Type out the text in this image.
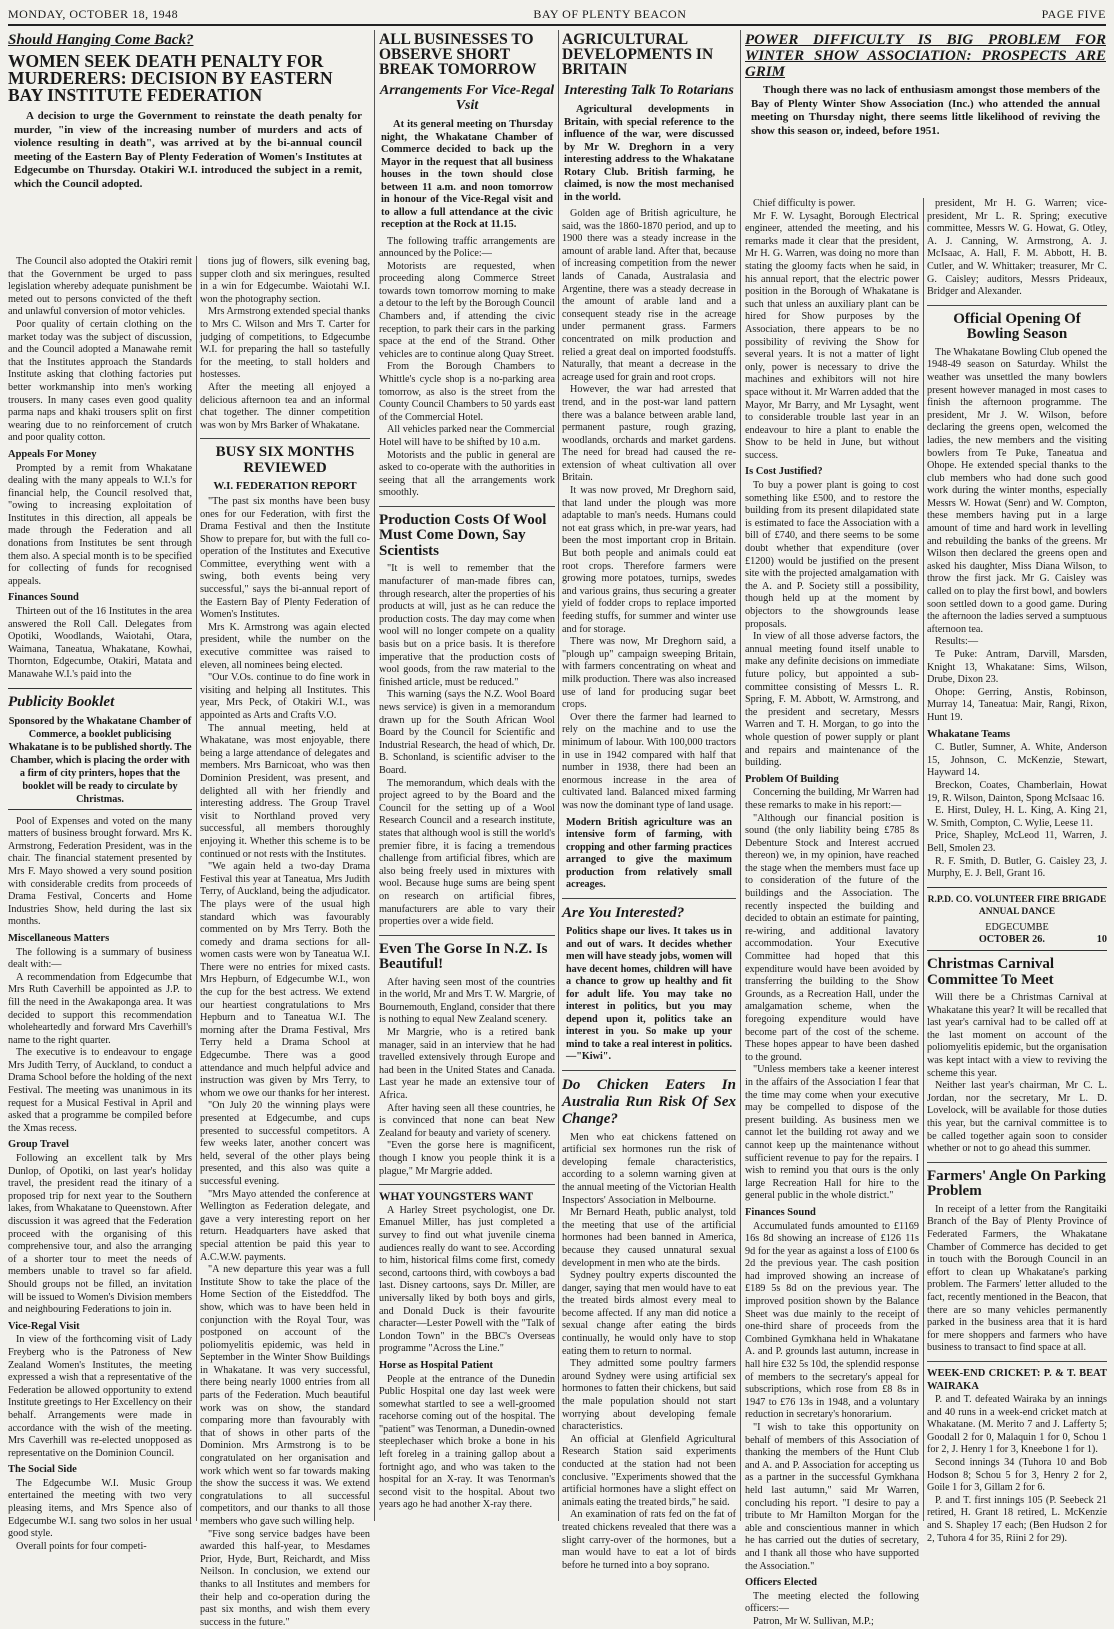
MONDAY, OCTOBER 18, 1948	BAY OF PLENTY BEACON	PAGE FIVE
Should Hanging Come Back?
WOMEN SEEK DEATH PENALTY FOR MURDERERS: DECISION BY EASTERN BAY INSTITUTE FEDERATION
A decision to urge the Government to reinstate the death penalty for murder, "in view of the increasing number of murders and acts of violence resulting in death", was arrived at by the bi-annual council meeting of the Eastern Bay of Plenty Federation of Women's Institutes at Edgecumbe on Thursday. Otakiri W.I. introduced the subject in a remit, which the Council adopted.

The Council also adopted the Otakiri remit that the Government be urged to pass legislation whereby adequate punishment be meted out to persons convicted of the theft and unlawful conversion of motor vehicles.

Poor quality of certain clothing on the market today was the subject of discussion, and the Council adopted a Manawahe remit that the Institutes approach the Standards Institute asking that clothing factories put better workmanship into men's working trousers. In many cases even good quality parma naps and khaki trousers split on first wearing due to no reinforcement of crutch and poor quality cotton.

Appeals For Money

Prompted by a remit from Whakatane dealing with the many appeals to W.I.'s for financial help, the Council resolved that, "owing to increasing exploitation of Institutes in this direction, all appeals be made through the Federation and all donations from Institutes be sent through them also. A special month is to be specified for collecting of funds for recognised appeals.

Finances Sound

Thirteen out of the 16 Institutes in the area answered the Roll Call. Delegates from Opotiki, Woodlands, Waiotahi, Otara, Waimana, Taneatua, Whakatane, Kowhai, Thornton, Edgecumbe, Otakiri, Matata and Manawahe W.I.'s paid into the

Publicity Booklet
Sponsored by the Whakatane Chamber of Commerce, a booklet publicising Whakatane is to be published shortly. The Chamber, which is placing the order with a firm of city printers, hopes that the booklet will be ready to circulate by Christmas.

Pool of Expenses and voted on the many matters of business brought forward. Mrs K. Armstrong, Federation President, was in the chair. The financial statement presented by Mrs F. Mayo showed a very sound position with considerable credits from proceeds of Drama Festival, Concerts and Home Industries Show, held during the last six months.

Miscellaneous Matters

The following is a summary of business dealt with:—

A recommendation from Edgecumbe that Mrs Ruth Caverhill be appointed as J.P. to fill the need in the Awakaponga area. It was decided to support this recommendation wholeheartedly and forward Mrs Caverhill's name to the right quarter.

The executive is to endeavour to engage Mrs Judith Terry, of Auckland, to conduct a Drama School before the holding of the next Festival. The meeting was unanimous in its request for a Musical Festival in April and asked that a programme be compiled before the Xmas recess.

Group Travel

Following an excellent talk by Mrs Dunlop, of Opotiki, on last year's holiday travel, the president read the itinary of a proposed trip for next year to the Southern lakes, from Whakatane to Queenstown. After discussion it was agreed that the Federation proceed with the organising of this comprehensive tour, and also the arranging of a shorter tour to meet the needs of members unable to travel so far afield. Should groups not be filled, an invitation will be issued to Women's Division members and neighbouring Federations to join in.

Vice-Regal Visit

In view of the forthcoming visit of Lady Freyberg who is the Patroness of New Zealand Women's Institutes, the meeting expressed a wish that a representative of the Federation be allowed opportunity to extend Institute greetings to Her Excellency on their behalf. Arrangements were made in accordance with the wish of the meeting. Mrs Caverhill was re-elected unopposed as representative on the Dominion Council.

The Social Side

The Edgecumbe W.I. Music Group entertained the meeting with two very pleasing items, and Mrs Spence also of Edgecumbe W.I. sang two solos in her usual good style.

Overall points for four competi-

tions jug of flowers, silk evening bag, supper cloth and six meringues, resulted in a win for Edgecumbe. Waiotahi W.I. won the photography section.

Mrs Armstrong extended special thanks to Mrs C. Wilson and Mrs T. Carter for judging of competitions, to Edgecumbe W.I. for preparing the hall so tastefully for the meeting, to stall holders and hostesses.

After the meeting all enjoyed a delicious afternoon tea and an informal chat together. The dinner competition was won by Mrs Barker of Whakatane.

BUSY SIX MONTHS REVIEWED
W.I. FEDERATION REPORT

"The past six months have been busy ones for our Federation, with first the Drama Festival and then the Institute Show to prepare for, but with the full co-operation of the Institutes and Executive Committee, everything went with a swing, both events being very successful," says the bi-annual report of the Eastern Bay of Plenty Federation of Women's Institutes.

Mrs K. Armstrong was again elected president, while the number on the executive committee was raised to eleven, all nominees being elected.

"Our V.Os. continue to do fine work in visiting and helping all Institutes. This year, Mrs Peck, of Otakiri W.I., was appointed as Arts and Crafts V.O.

The annual meeting, held at Whakatane, was most enjoyable, there being a large attendance of delegates and members. Mrs Barnicoat, who was then Dominion President, was present, and delighted all with her friendly and interesting address. The Group Travel visit to Northland proved very successful, all members thoroughly enjoying it. Whether this scheme is to be continued or not rests with the Institutes.

"We again held a two-day Drama Festival this year at Taneatua, Mrs Judith Terry, of Auckland, being the adjudicator. The plays were of the usual high standard which was favourably commented on by Mrs Terry. Both the comedy and drama sections for all-women casts were won by Taneatua W.I. There were no entries for mixed casts. Mrs Hepburn, of Edgecumbe W.I., won the cup for the best actress. We extend our heartiest congratulations to Mrs Hepburn and to Taneatua W.I. The morning after the Drama Festival, Mrs Terry held a Drama School at Edgecumbe. There was a good attendance and much helpful advice and instruction was given by Mrs Terry, to whom we owe our thanks for her interest.

"On July 20 the winning plays were presented at Edgecumbe, and cups presented to successful competitors. A few weeks later, another concert was held, several of the other plays being presented, and this also was quite a successful evening.

"Mrs Mayo attended the conference at Wellington as Federation delegate, and gave a very interesting report on her return. Headquarters have asked that special attention be paid this year to A.C.W.W. payments.

"A new departure this year was a full Institute Show to take the place of the Home Section of the Eisteddfod. The show, which was to have been held in conjunction with the Royal Tour, was postponed on account of the poliomyelitis epidemic, was held in September in the Winter Show Buildings in Whakatane. It was very successful, there being nearly 1000 entries from all parts of the Federation. Much beautiful work was on show, the standard comparing more than favourably with that of shows in other parts of the Dominion. Mrs Armstrong is to be congratulated on her organisation and work which went so far towards making the show the success it was. We extend congratulations to all successful competitors, and our thanks to all those members who gave such willing help.

"Five song service badges have been awarded this half-year, to Mesdames Prior, Hyde, Burt, Reichardt, and Miss Neilson. In conclusion, we extend our thanks to all Institutes and members for their help and co-operation during the past six months, and wish them every success in the future."

ALL BUSINESSES TO OBSERVE SHORT BREAK TOMORROW
Arrangements For Vice-Regal Vsit
At its general meeting on Thursday night, the Whakatane Chamber of Commerce decided to back up the Mayor in the request that all business houses in the town should close between 11 a.m. and noon tomorrow in honour of the Vice-Regal visit and to allow a full attendance at the civic reception at the Rock at 11.15.

The following traffic arrangements are announced by the Police:—

Motorists are requested, when proceeding along Commerce Street towards town tomorrow morning to make a detour to the left by the Borough Council Chambers and, if attending the civic reception, to park their cars in the parking space at the end of the Strand. Other vehicles are to continue along Quay Street.

From the Borough Chambers to Whittle's cycle shop is a no-parking area tomorrow, as also is the street from the County Council Chambers to 50 yards east of the Commercial Hotel.

All vehicles parked near the Commercial Hotel will have to be shifted by 10 a.m.

Motorists and the public in general are asked to co-operate with the authorities in seeing that all the arrangements work smoothly.

Production Costs Of Wool Must Come Down, Say Scientists

"It is well to remember that the manufacturer of man-made fibres can, through research, alter the properties of his products at will, just as he can reduce the production costs. The day may come when wool will no longer compete on a quality basis but on a price basis. It is therefore imperative that the production costs of wool goods, from the raw material to the finished article, must be reduced."

This warning (says the N.Z. Wool Board news service) is given in a memorandum drawn up for the South African Wool Board by the Council for Scientific and Industrial Research, the head of which, Dr. B. Schonland, is scientific adviser to the Board.

The memorandum, which deals with the project agreed to by the Board and the Council for the setting up of a Wool Research Council and a research institute, states that although wool is still the world's premier fibre, it is facing a tremendous challenge from artificial fibres, which are also being freely used in mixtures with wool. Because huge sums are being spent on research on artificial fibres, manufacturers are able to vary their properties over a wide field.

Even The Gorse In N.Z. Is Beautiful!

After having seen most of the countries in the world, Mr and Mrs T. W. Margrie, of Bournemouth, England, consider that there is nothing to equal New Zealand scenery.

Mr Margrie, who is a retired bank manager, said in an interview that he had travelled extensively through Europe and had been in the United States and Canada. Last year he made an extensive tour of Africa.

After having seen all these countries, he is convinced that none can beat New Zealand for beauty and variety of scenery.

"Even the gorse here is magnificent, though I know you people think it is a plague," Mr Margrie added.

WHAT YOUNGSTERS WANT

A Harley Street psychologist, one Dr. Emanuel Miller, has just completed a survey to find out what juvenile cinema audiences really do want to see. According to him, historical films come first, comedy second, cartoons third, with cowboys a bad last. Disney cartoons, says Dr. Miller, are universally liked by both boys and girls, and Donald Duck is their favourite character—Lester Powell with the "Talk of London Town" in the BBC's Overseas programme "Across the Line."

Horse as Hospital Patient

People at the entrance of the Dunedin Public Hospital one day last week were somewhat startled to see a well-groomed racehorse coming out of the hospital. The "patient" was Tenorman, a Dunedin-owned steeplechaser which broke a bone in his left foreleg in a training gallop about a fortnight ago, and who was taken to the hospital for an X-ray. It was Tenorman's second visit to the hospital. About two years ago he had another X-ray there.

AGRICULTURAL DEVELOPMENTS IN BRITAIN
Interesting Talk To Rotarians
Agricultural developments in Britain, with special reference to the influence of the war, were discussed by Mr W. Dreghorn in a very interesting address to the Whakatane Rotary Club. British farming, he claimed, is now the most mechanised in the world.

Golden age of British agriculture, he said, was the 1860-1870 period, and up to 1900 there was a steady increase in the amount of arable land. After that, because of increasing competition from the newer lands of Canada, Australasia and Argentine, there was a steady decrease in the amount of arable land and a consequent steady rise in the acreage under permanent grass. Farmers concentrated on milk production and relied a great deal on imported foodstuffs. Naturally, that meant a decrease in the acreage used for grain and root crops.

However, the war had arrested that trend, and in the post-war land pattern there was a balance between arable land, permanent pasture, rough grazing, woodlands, orchards and market gardens. The need for bread had caused the re-extension of wheat cultivation all over Britain.

It was now proved, Mr Dreghorn said, that land under the plough was more adaptable to man's needs. Humans could not eat grass which, in pre-war years, had been the most important crop in Britain. But both people and animals could eat root crops. Therefore farmers were growing more potatoes, turnips, swedes and various grains, thus securing a greater yield of fodder crops to replace imported feeding stuffs, for summer and winter use and for storage.

There was now, Mr Dreghorn said, a "plough up" campaign sweeping Britain, with farmers concentrating on wheat and milk production. There was also increased use of land for producing sugar beet crops.

Over there the farmer had learned to rely on the machine and to use the minimum of labour. With 100,000 tractors in use in 1942 compared with half that number in 1938, there had been an enormous increase in the area of cultivated land. Balanced mixed farming was now the dominant type of land usage.

Modern British agriculture was an intensive form of farming, with cropping and other farming practices arranged to give the maximum production from relatively small acreages.
Are You Interested?
Politics shape our lives. It takes us in and out of wars. It decides whether men will have steady jobs, women will have decent homes, children will have a chance to grow up healthy and fit for adult life. You may take no interest in politics, but you may depend upon it, politics take an interest in you. So make up your mind to take a real interest in politics.—"Kiwi".
Do Chicken Eaters In Australia Run Risk Of Sex Change?

Men who eat chickens fattened on artificial sex hormones run the risk of developing female characteristics, according to a solemn warning given at the annual meeting of the Victorian Health Inspectors' Association in Melbourne.

Mr Bernard Heath, public analyst, told the meeting that use of the artificial hormones had been banned in America, because they caused unnatural sexual development in men who ate the birds.

Sydney poultry experts discounted the danger, saying that men would have to eat the treated birds almost every meal to become affected. If any man did notice a sexual change after eating the birds continually, he would only have to stop eating them to return to normal.

They admitted some poultry farmers around Sydney were using artificial sex hormones to fatten their chickens, but said the male population should not start worrying about developing female characteristics.

An official at Glenfield Agricultural Research Station said experiments conducted at the station had not been conclusive. "Experiments showed that the artificial hormones have a slight effect on animals eating the treated birds," he said.

An examination of rats fed on the fat of treated chickens revealed that there was a slight carry-over of the hormones, but a man would have to eat a lot of birds before he turned into a boy soprano.

POWER DIFFICULTY IS BIG PROBLEM FOR WINTER SHOW ASSOCIATION: PROSPECTS ARE GRIM
Though there was no lack of enthusiasm amongst those members of the Bay of Plenty Winter Show Association (Inc.) who attended the annual meeting on Thursday night, there seems little likelihood of reviving the show this season or, indeed, before 1951.

Chief difficulty is power.

Mr F. W. Lysaght, Borough Electrical engineer, attended the meeting, and his remarks made it clear that the president, Mr H. G. Warren, was doing no more than stating the gloomy facts when he said, in his annual report, that the electric power position in the Borough of Whakatane is such that unless an auxiliary plant can be hired for Show purposes by the Association, there appears to be no possibility of reviving the Show for several years. It is not a matter of light only, power is necessary to drive the machines and exhibitors will not hire space without it. Mr Warren added that the Mayor, Mr Barry, and Mr Lysaght, went to considerable trouble last year in an endeavour to hire a plant to enable the Show to be held in June, but without success.

Is Cost Justified?

To buy a power plant is going to cost something like £500, and to restore the building from its present dilapidated state is estimated to face the Association with a bill of £740, and there seems to be some doubt whether that expenditure (over £1200) would be justified on the present site with the projected amalgamation with the A. and P. Society still a possibility, though held up at the moment by objectors to the showgrounds lease proposals.

In view of all those adverse factors, the annual meeting found itself unable to make any definite decisions on immediate future policy, but appointed a sub-committee consisting of Messrs L. R. Spring, F. M. Abbott, W. Armstrong, and the president and secretary, Messrs Warren and T. H. Morgan, to go into the whole question of power supply or plant and repairs and maintenance of the building.

Problem Of Building

Concerning the building, Mr Warren had these remarks to make in his report:—

"Although our financial position is sound (the only liability being £785 8s Debenture Stock and Interest accrued thereon) we, in my opinion, have reached the stage when the members must face up to consideration of the future of the buildings and the Association. The recently inspected the building and decided to obtain an estimate for painting, re-wiring, and additional lavatory accommodation. Your Executive Committee had hoped that this expenditure would have been avoided by transferring the building to the Show Grounds, as a Recreation Hall, under the amalgamation scheme, when the foregoing expenditure would have become part of the cost of the scheme. These hopes appear to have been dashed to the ground.

"Unless members take a keener interest in the affairs of the Association I fear that the time may come when your executive may be compelled to dispose of the present building. As business men we cannot let the building rot away and we cannot keep up the maintenance without sufficient revenue to pay for the repairs. I wish to remind you that ours is the only large Recreation Hall for hire to the general public in the whole district."

Finances Sound

Accumulated funds amounted to £1169 16s 8d showing an increase of £126 11s 9d for the year as against a loss of £100 6s 2d the previous year. The cash position had improved showing an increase of £189 5s 8d on the previous year. The improved position shown by the Balance Sheet was due mainly to the receipt of one-third share of proceeds from the Combined Gymkhana held in Whakatane A. and P. grounds last autumn, increase in hall hire £32 5s 10d, the splendid response of members to the secretary's appeal for subscriptions, which rose from £8 8s in 1947 to £76 13s in 1948, and a voluntary reduction in secretary's honorarium.

"I wish to take this opportunity on behalf of members of this Association of thanking the members of the Hunt Club and A. and P. Association for accepting us as a partner in the successful Gymkhana held last autumn," said Mr Warren, concluding his report. "I desire to pay a tribute to Mr Hamilton Morgan for the able and conscientious manner in which he has carried out the duties of secretary, and I thank all those who have supported the Association."

Officers Elected

The meeting elected the following officers:—

Patron, Mr W. Sullivan, M.P.;

president, Mr H. G. Warren; vice-president, Mr L. R. Spring; executive committee, Messrs W. G. Howat, G. Otley, A. J. Canning, W. Armstrong, A. J. McIsaac, A. Hall, F. M. Abbott, H. B. Cutler, and W. Whittaker; treasurer, Mr C. G. Caisley; auditors, Messrs Prideaux, Bridger and Alexander.

Official Opening Of Bowling Season

The Whakatane Bowling Club opened the 1948-49 season on Saturday. Whilst the weather was unsettled the many bowlers present however managed in most cases to finish the afternoon programme. The president, Mr J. W. Wilson, before declaring the greens open, welcomed the ladies, the new members and the visiting bowlers from Te Puke, Taneatua and Ohope. He extended special thanks to the club members who had done such good work during the winter months, especially Messrs W. Howat (Senr) and W. Compton, these members having put in a large amount of time and hard work in levelling and rebuilding the banks of the greens. Mr Wilson then declared the greens open and asked his daughter, Miss Diana Wilson, to throw the first jack. Mr G. Caisley was called on to play the first bowl, and bowlers soon settled down to a good game. During the afternoon the ladies served a sumptuous afternoon tea.

Results:—

Te Puke: Antram, Darvill, Marsden, Knight 13, Whakatane: Sims, Wilson, Drube, Dixon 23.

Ohope: Gerring, Anstis, Robinson, Murray 14, Taneatua: Mair, Rangi, Rixon, Hunt 19.

Whakatane Teams

C. Butler, Sumner, A. White, Anderson 15, Johnson, C. McKenzie, Stewart, Hayward 14.

Breckon, Coates, Chamberlain, Howat 19, R. Wilson, Dainton, Spong McIsaac 16.

E. Hirst, Duley, H. L. King, A. King 21, W. Smith, Compton, C. Wylie, Leese 11.

Price, Shapley, McLeod 11, Warren, J. Bell, Smolen 23.

R. F. Smith, D. Butler, G. Caisley 23, J. Murphy, E. J. Bell, Grant 16.

R.P.D. CO. VOLUNTEER FIRE BRIGADE ANNUAL DANCE
EDGECUMBE
OCTOBER 26.	10
Christmas Carnival Committee To Meet

Will there be a Christmas Carnival at Whakatane this year? It will be recalled that last year's carnival had to be called off at the last moment on account of the poliomyelitis epidemic, but the organisation was kept intact with a view to reviving the scheme this year.

Neither last year's chairman, Mr C. L. Jordan, nor the secretary, Mr L. D. Lovelock, will be available for those duties this year, but the carnival committee is to be called together again soon to consider whether or not to go ahead this summer.

Farmers' Angle On Parking Problem

In receipt of a letter from the Rangitaiki Branch of the Bay of Plenty Province of Federated Farmers, the Whakatane Chamber of Commerce has decided to get in touch with the Borough Council in an effort to clean up Whakatane's parking problem. The Farmers' letter alluded to the fact, recently mentioned in the Beacon, that there are so many vehicles permanently parked in the business area that it is hard for mere shoppers and farmers who have business to transact to find space at all.

WEEK-END CRICKET: P. & T. BEAT WAIRAKA

P. and T. defeated Wairaka by an innings and 40 runs in a week-end cricket match at Whakatane. (M. Merito 7 and J. Lafferty 5; Goodall 2 for 0, Malaquin 1 for 0, Schou 1 for 2, J. Henry 1 for 3, Kneebone 1 for 1).

Second innings 34 (Tuhora 10 and Bob Hodson 8; Schou 5 for 3, Henry 2 for 2, Goile 1 for 3, Gillam 2 for 6.

P. and T. first innings 105 (P. Seebeck 21 retired, H. Grant 18 retired, L. McKenzie and S. Shapley 17 each; (Ben Hudson 2 for 2, Tuhora 4 for 35, Riini 2 for 29).
